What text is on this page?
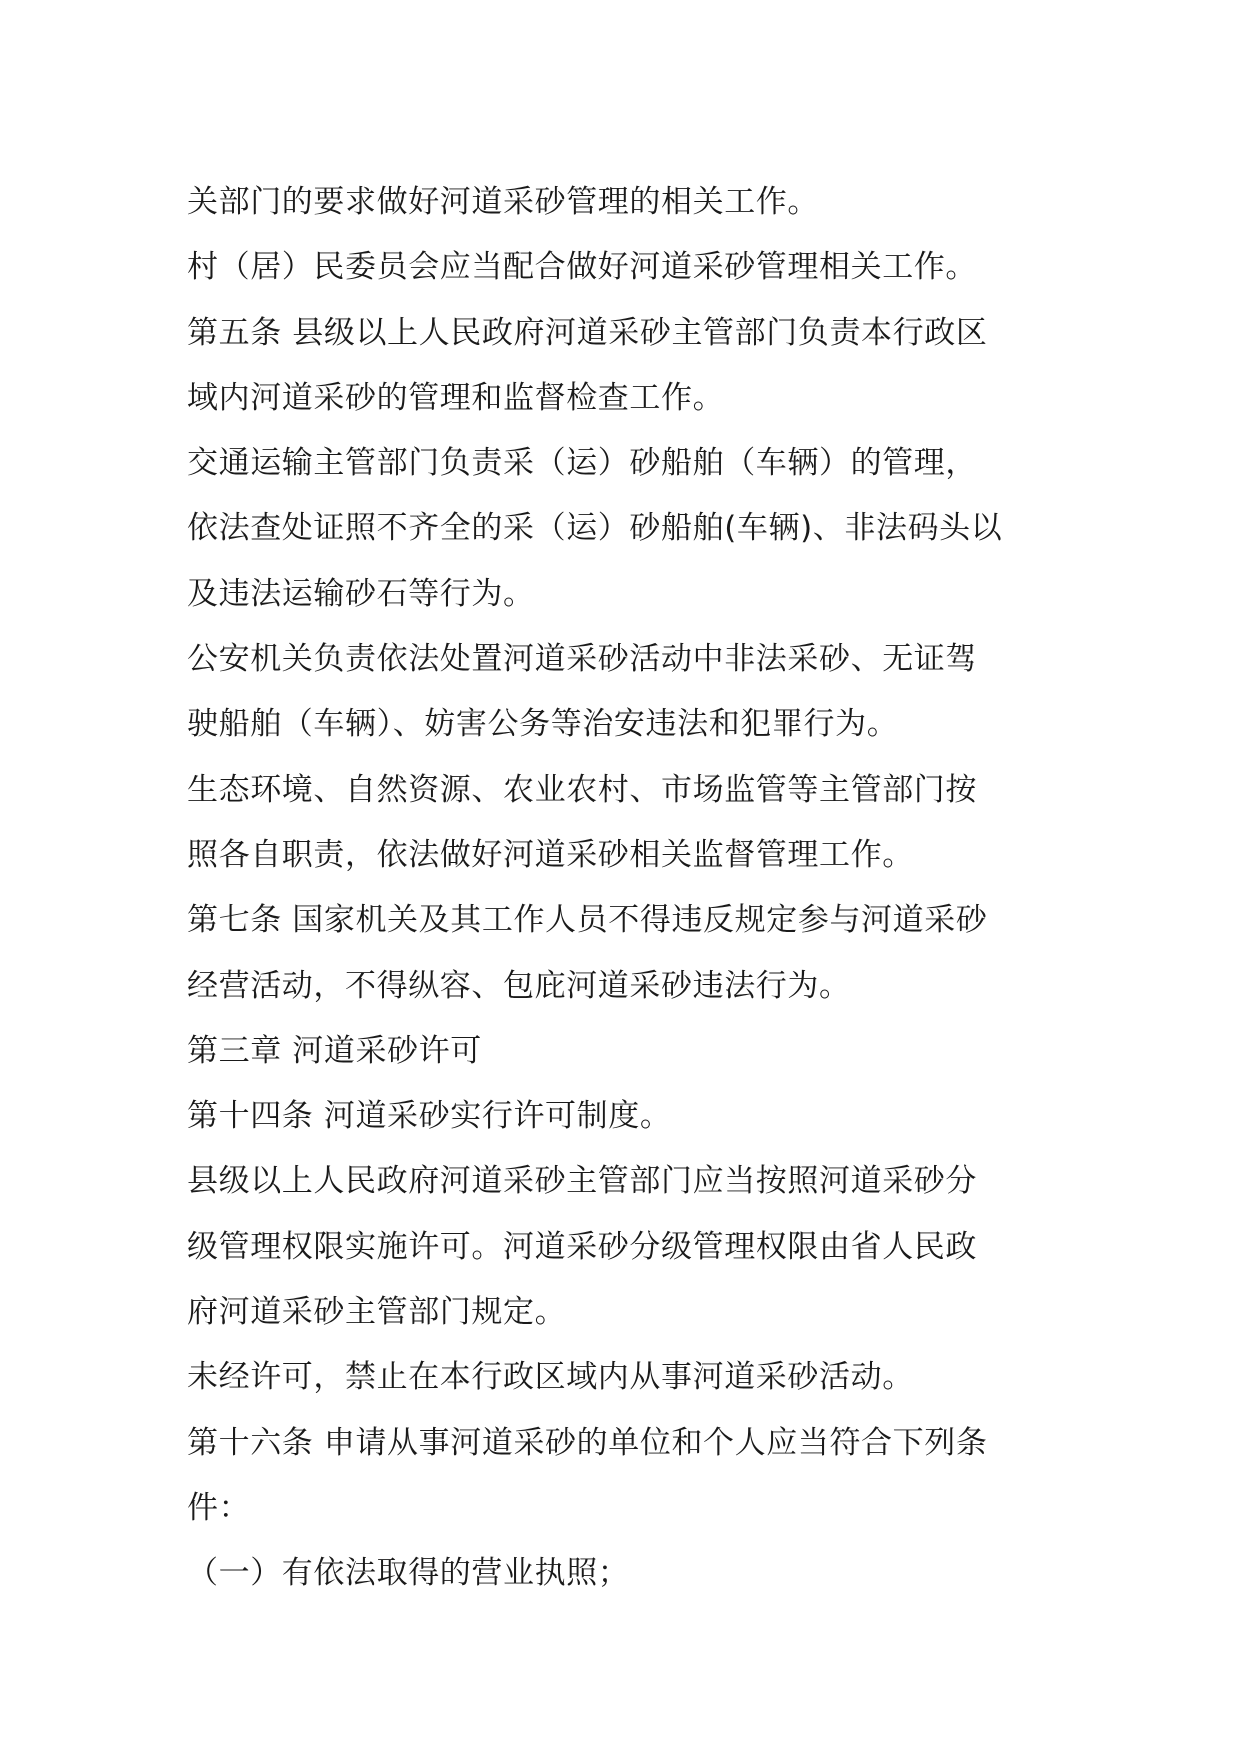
关部门的要求做好河道采砂管理的相关工作。
村（居）民委员会应当配合做好河道采砂管理相关工作。
第五条 县级以上人民政府河道采砂主管部门负责本行政区
域内河道采砂的管理和监督检查工作。
交通运输主管部门负责采（运）砂船舶（车辆）的管理，
依法查处证照不齐全的采（运）砂船舶(车辆)、非法码头以
及违法运输砂石等行为。
公安机关负责依法处置河道采砂活动中非法采砂、无证驾
驶船舶（车辆）、妨害公务等治安违法和犯罪行为。
生态环境、自然资源、农业农村、市场监管等主管部门按
照各自职责，依法做好河道采砂相关监督管理工作。
第七条 国家机关及其工作人员不得违反规定参与河道采砂
经营活动，不得纵容、包庇河道采砂违法行为。
第三章 河道采砂许可
第十四条 河道采砂实行许可制度。
县级以上人民政府河道采砂主管部门应当按照河道采砂分
级管理权限实施许可。河道采砂分级管理权限由省人民政
府河道采砂主管部门规定。
未经许可，禁止在本行政区域内从事河道采砂活动。
第十六条 申请从事河道采砂的单位和个人应当符合下列条
件：
（一）有依法取得的营业执照；
